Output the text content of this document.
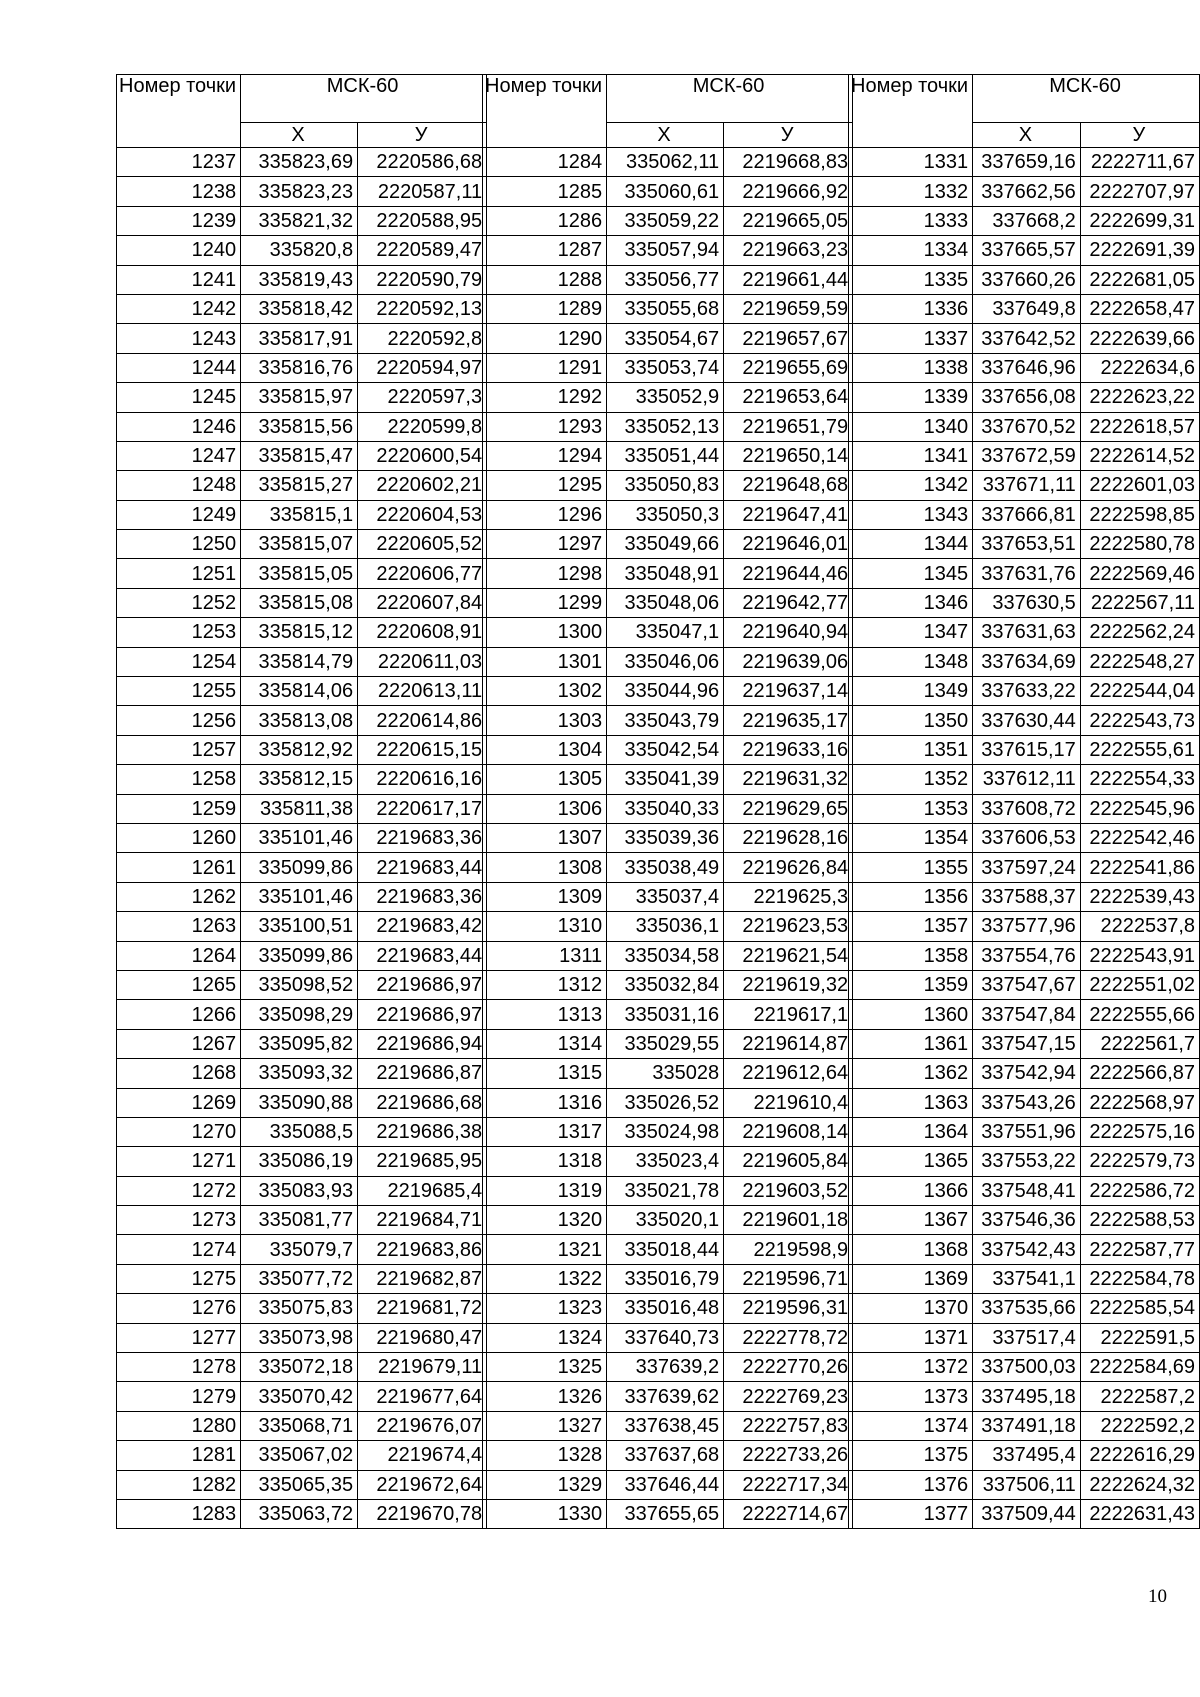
Номер точки	МСК-60	
	X	У
1237	335823,69	2220586,68
1238	335823,23	2220587,11
1239	335821,32	2220588,95
1240	335820,8	2220589,47
1241	335819,43	2220590,79
1242	335818,42	2220592,13
1243	335817,91	2220592,8
1244	335816,76	2220594,97
1245	335815,97	2220597,3
1246	335815,56	2220599,8
1247	335815,47	2220600,54
1248	335815,27	2220602,21
1249	335815,1	2220604,53
1250	335815,07	2220605,52
1251	335815,05	2220606,77
1252	335815,08	2220607,84
1253	335815,12	2220608,91
1254	335814,79	2220611,03
1255	335814,06	2220613,11
1256	335813,08	2220614,86
1257	335812,92	2220615,15
1258	335812,15	2220616,16
1259	335811,38	2220617,17
1260	335101,46	2219683,36
1261	335099,86	2219683,44
1262	335101,46	2219683,36
1263	335100,51	2219683,42
1264	335099,86	2219683,44
1265	335098,52	2219686,97
1266	335098,29	2219686,97
1267	335095,82	2219686,94
1268	335093,32	2219686,87
1269	335090,88	2219686,68
1270	335088,5	2219686,38
1271	335086,19	2219685,95
1272	335083,93	2219685,4
1273	335081,77	2219684,71
1274	335079,7	2219683,86
1275	335077,72	2219682,87
1276	335075,83	2219681,72
1277	335073,98	2219680,47
1278	335072,18	2219679,11
1279	335070,42	2219677,64
1280	335068,71	2219676,07
1281	335067,02	2219674,4
1282	335065,35	2219672,64
1283	335063,72	2219670,78
Номер точки	МСК-60	
	X	У
1284	335062,11	2219668,83
1285	335060,61	2219666,92
1286	335059,22	2219665,05
1287	335057,94	2219663,23
1288	335056,77	2219661,44
1289	335055,68	2219659,59
1290	335054,67	2219657,67
1291	335053,74	2219655,69
1292	335052,9	2219653,64
1293	335052,13	2219651,79
1294	335051,44	2219650,14
1295	335050,83	2219648,68
1296	335050,3	2219647,41
1297	335049,66	2219646,01
1298	335048,91	2219644,46
1299	335048,06	2219642,77
1300	335047,1	2219640,94
1301	335046,06	2219639,06
1302	335044,96	2219637,14
1303	335043,79	2219635,17
1304	335042,54	2219633,16
1305	335041,39	2219631,32
1306	335040,33	2219629,65
1307	335039,36	2219628,16
1308	335038,49	2219626,84
1309	335037,4	2219625,3
1310	335036,1	2219623,53
1311	335034,58	2219621,54
1312	335032,84	2219619,32
1313	335031,16	2219617,1
1314	335029,55	2219614,87
1315	335028	2219612,64
1316	335026,52	2219610,4
1317	335024,98	2219608,14
1318	335023,4	2219605,84
1319	335021,78	2219603,52
1320	335020,1	2219601,18
1321	335018,44	2219598,9
1322	335016,79	2219596,71
1323	335016,48	2219596,31
1324	337640,73	2222778,72
1325	337639,2	2222770,26
1326	337639,62	2222769,23
1327	337638,45	2222757,83
1328	337637,68	2222733,26
1329	337646,44	2222717,34
1330	337655,65	2222714,67
Номер точки	МСК-60	
	X	У
1331	337659,16	2222711,67
1332	337662,56	2222707,97
1333	337668,2	2222699,31
1334	337665,57	2222691,39
1335	337660,26	2222681,05
1336	337649,8	2222658,47
1337	337642,52	2222639,66
1338	337646,96	2222634,6
1339	337656,08	2222623,22
1340	337670,52	2222618,57
1341	337672,59	2222614,52
1342	337671,11	2222601,03
1343	337666,81	2222598,85
1344	337653,51	2222580,78
1345	337631,76	2222569,46
1346	337630,5	2222567,11
1347	337631,63	2222562,24
1348	337634,69	2222548,27
1349	337633,22	2222544,04
1350	337630,44	2222543,73
1351	337615,17	2222555,61
1352	337612,11	2222554,33
1353	337608,72	2222545,96
1354	337606,53	2222542,46
1355	337597,24	2222541,86
1356	337588,37	2222539,43
1357	337577,96	2222537,8
1358	337554,76	2222543,91
1359	337547,67	2222551,02
1360	337547,84	2222555,66
1361	337547,15	2222561,7
1362	337542,94	2222566,87
1363	337543,26	2222568,97
1364	337551,96	2222575,16
1365	337553,22	2222579,73
1366	337548,41	2222586,72
1367	337546,36	2222588,53
1368	337542,43	2222587,77
1369	337541,1	2222584,78
1370	337535,66	2222585,54
1371	337517,4	2222591,5
1372	337500,03	2222584,69
1373	337495,18	2222587,2
1374	337491,18	2222592,2
1375	337495,4	2222616,29
1376	337506,11	2222624,32
1377	337509,44	2222631,43
10
